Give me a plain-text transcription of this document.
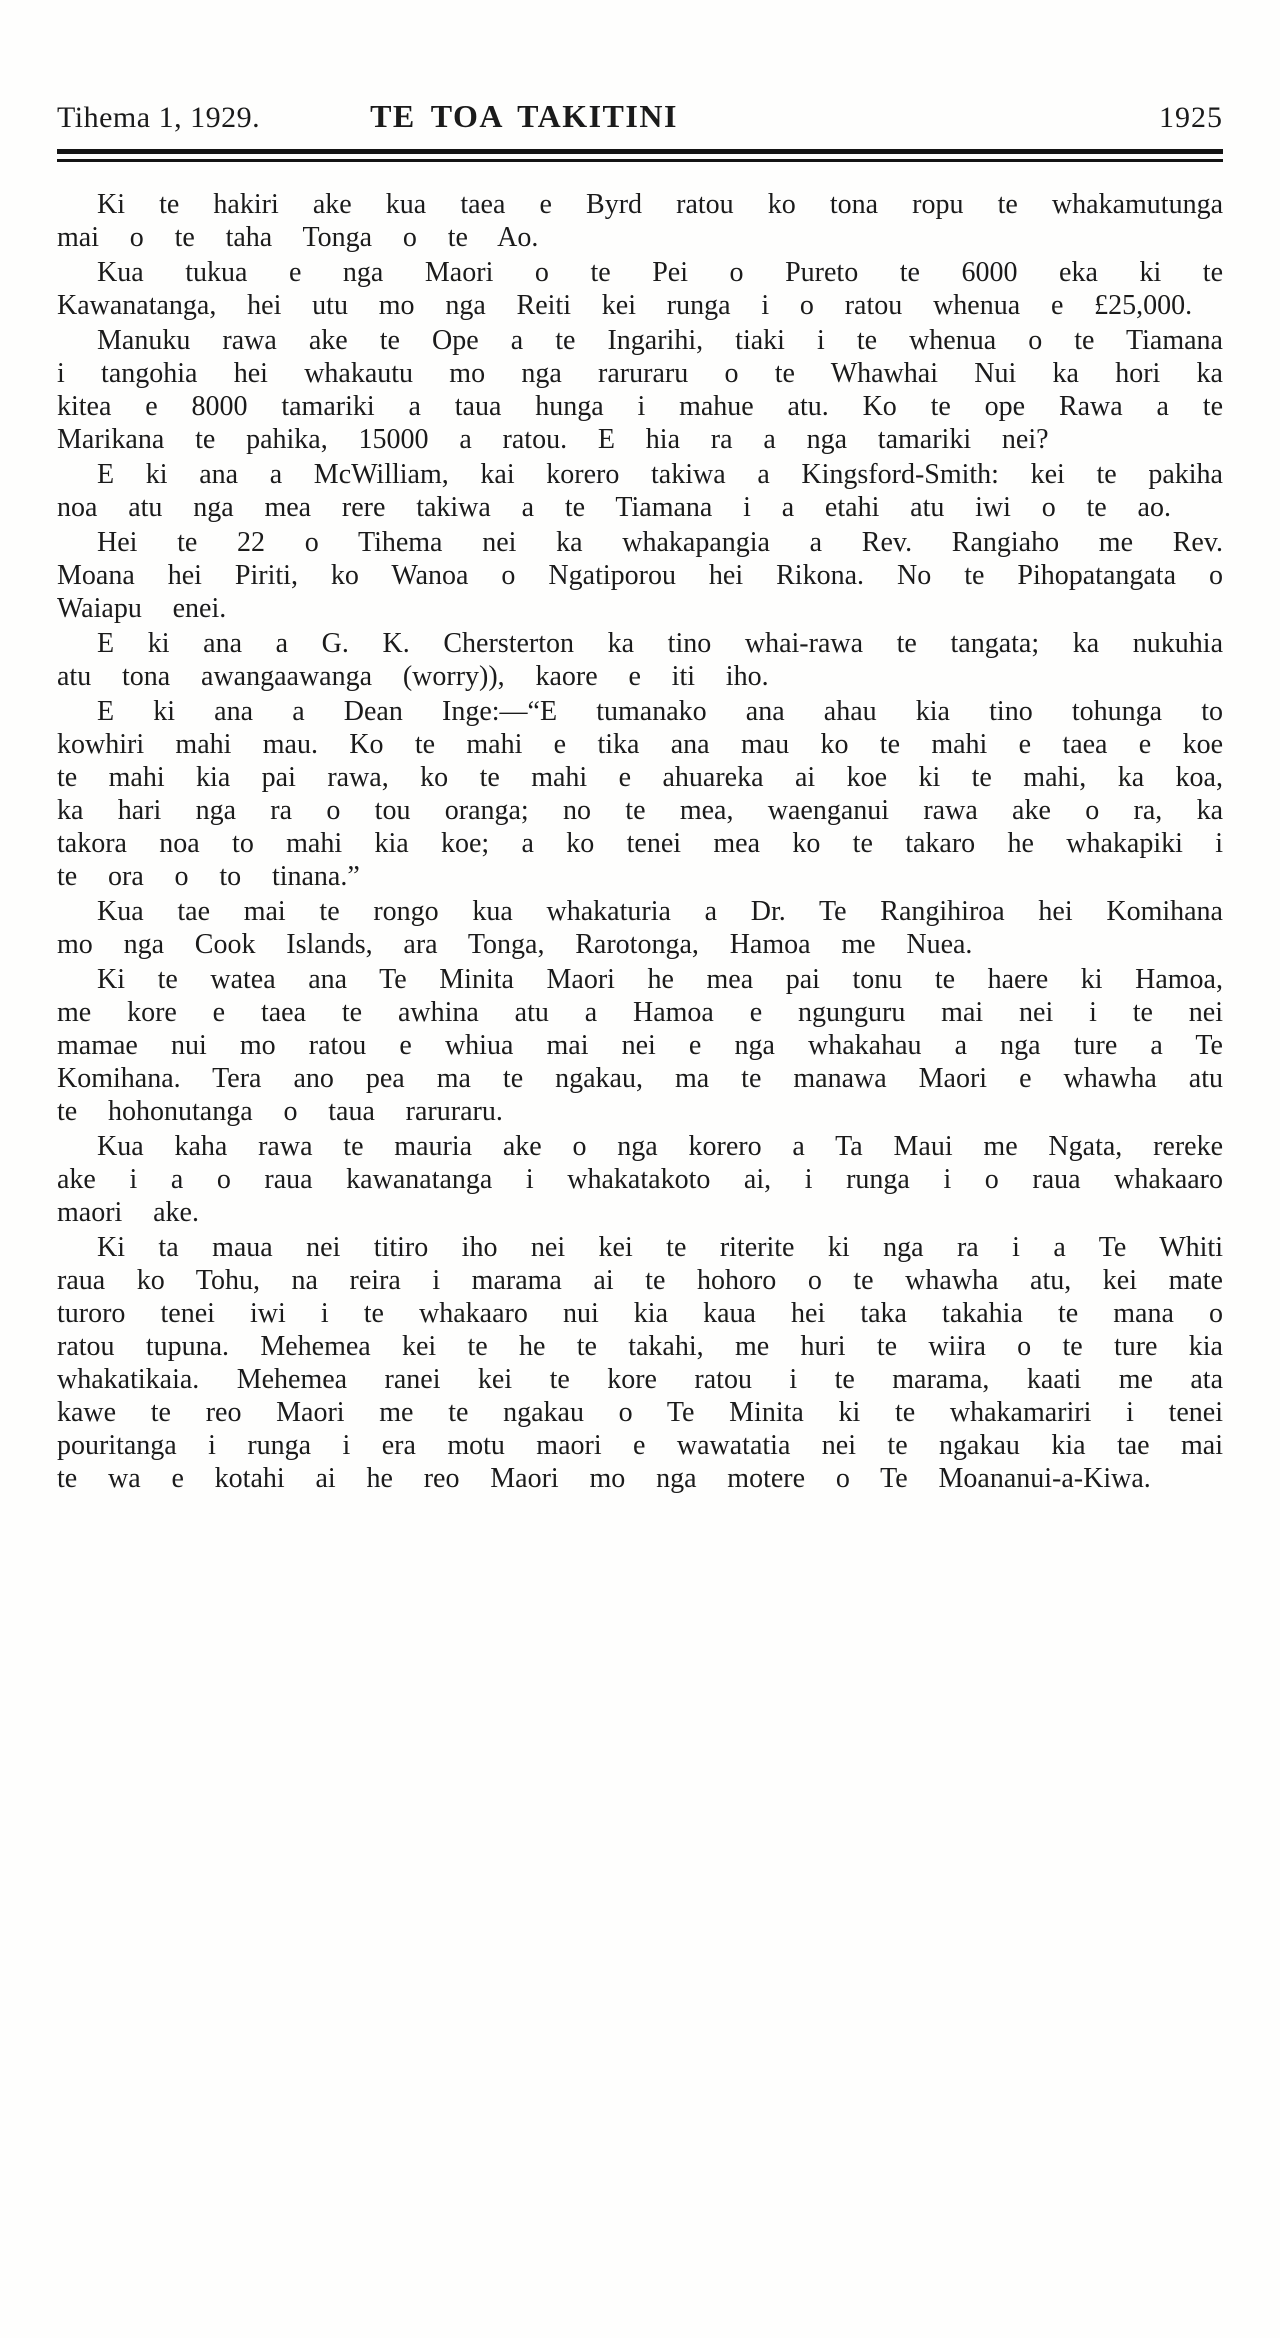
Tihema 1, 1929.	TE TOA TAKITINI	1925

Ki te hakiri ake kua taea e Byrd ratou ko tona ropu te whakamutunga mai o te taha Tonga o te Ao.

Kua tukua e nga Maori o te Pei o Pureto te 6000 eka ki te Kawanatanga, hei utu mo nga Reiti kei runga i o ratou whenua e £25,000.

Manuku rawa ake te Ope a te Ingarihi, tiaki i te whenua o te Tiamana i tangohia hei whakautu mo nga raruraru o te Whawhai Nui ka hori ka kitea e 8000 tamariki a taua hunga i mahue atu. Ko te ope Rawa a te Marikana te pahika, 15000 a ratou. E hia ra a nga tamariki nei?

E ki ana a McWilliam, kai korero takiwa a Kingsford-Smith: kei te pakiha noa atu nga mea rere takiwa a te Tiamana i a etahi atu iwi o te ao.

Hei te 22 o Tihema nei ka whakapangia a Rev. Rangiaho me Rev. Moana hei Piriti, ko Wanoa o Ngatiporou hei Rikona. No te Pihopatangata o Waiapu enei.

E ki ana a G. K. Chersterton ka tino whai-rawa te tangata; ka nukuhia atu tona awangaawanga (worry)), kaore e iti iho.

E ki ana a Dean Inge:—“E tumanako ana ahau kia tino tohunga to kowhiri mahi mau. Ko te mahi e tika ana mau ko te mahi e taea e koe te mahi kia pai rawa, ko te mahi e ahuareka ai koe ki te mahi, ka koa, ka hari nga ra o tou oranga; no te mea, waenganui rawa ake o ra, ka takora noa to mahi kia koe; a ko tenei mea ko te takaro he whakapiki i te ora o to tinana.”

Kua tae mai te rongo kua whakaturia a Dr. Te Rangihiroa hei Komihana mo nga Cook Islands, ara Tonga, Rarotonga, Hamoa me Nuea.

Ki te watea ana Te Minita Maori he mea pai tonu te haere ki Hamoa, me kore e taea te awhina atu a Hamoa e ngunguru mai nei i te nei mamae nui mo ratou e whiua mai nei e nga whakahau a nga ture a Te Komihana. Tera ano pea ma te ngakau, ma te manawa Maori e whawha atu te hohonutanga o taua raruraru.

Kua kaha rawa te mauria ake o nga korero a Ta Maui me Ngata, rereke ake i a o raua kawanatanga i whakatakoto ai, i runga i o raua whakaaro maori ake.

Ki ta maua nei titiro iho nei kei te riterite ki nga ra i a Te Whiti raua ko Tohu, na reira i marama ai te hohoro o te whawha atu, kei mate turoro tenei iwi i te whakaaro nui kia kaua hei taka takahia te mana o ratou tupuna. Mehemea kei te he te takahi, me huri te wiira o te ture kia whakatikaia. Mehemea ranei kei te kore ratou i te marama, kaati me ata kawe te reo Maori me te ngakau o Te Minita ki te whakamariri i tenei pouritanga i runga i era motu maori e wawatatia nei te ngakau kia tae mai te wa e kotahi ai he reo Maori mo nga motere o Te Moananui-a-Kiwa.
